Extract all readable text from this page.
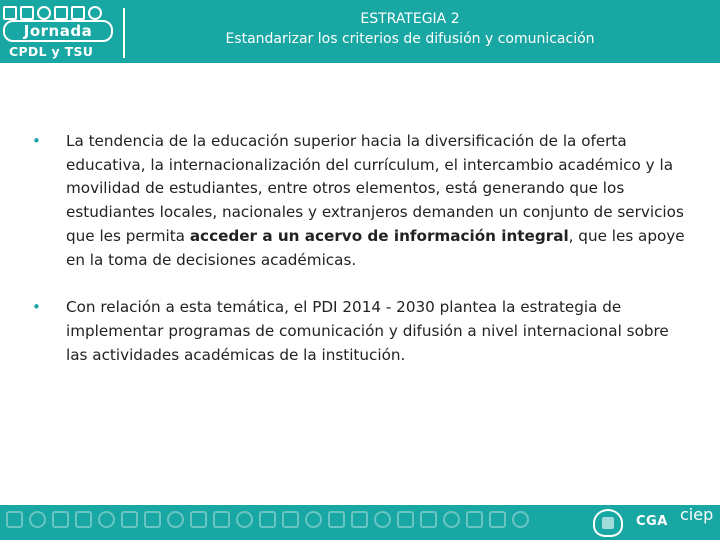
Jornada
CPDL y TSU
ESTRATEGIA 2
Estandarizar los criterios de difusión y comunicación
• La tendencia de la educación superior hacia la diversificación de la oferta educativa, la internacionalización del currículum, el intercambio académico y la movilidad de estudiantes, entre otros elementos, está generando que los estudiantes locales, nacionales y extranjeros demanden un conjunto de servicios que les permita acceder a un acervo de información integral, que les apoye en la toma de decisiones académicas.
• Con relación a esta temática, el PDI 2014 - 2030 plantea la estrategia de implementar programas de comunicación y difusión a nivel internacional sobre las actividades académicas de la institución.
CGA ciep
